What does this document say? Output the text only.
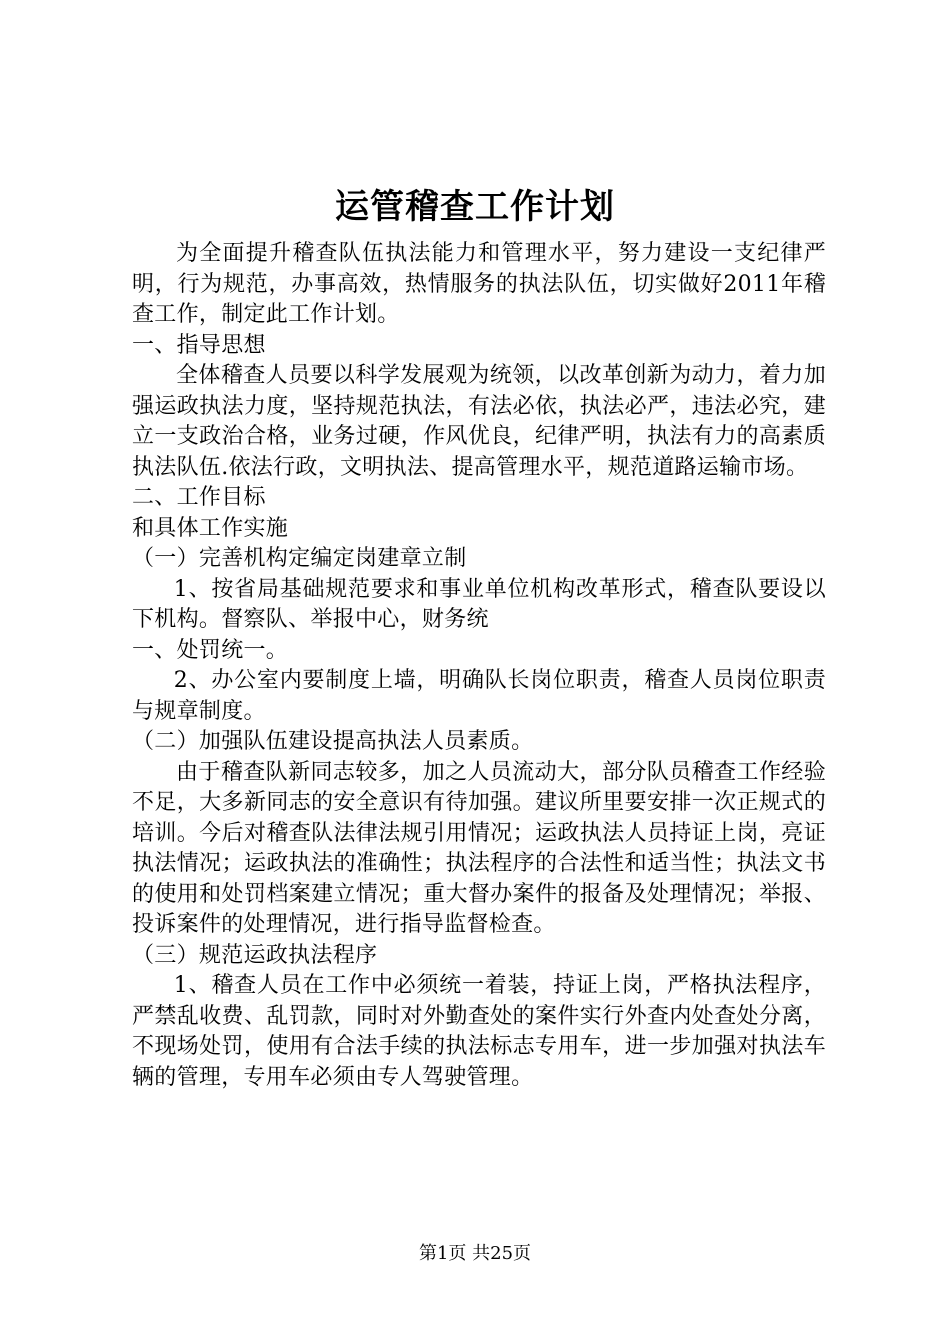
运管稽查工作计划

为全面提升稽查队伍执法能力和管理水平，努力建设一支纪律严明，行为规范，办事高效，热情服务的执法队伍，切实做好2011年稽查工作，制定此工作计划。

一、指导思想

全体稽查人员要以科学发展观为统领，以改革创新为动力，着力加强运政执法力度，坚持规范执法，有法必依，执法必严，违法必究，建立一支政治合格，业务过硬，作风优良，纪律严明，执法有力的高素质执法队伍.依法行政，文明执法、提高管理水平，规范道路运输市场。

二、工作目标

和具体工作实施

（一）完善机构定编定岗建章立制

1、按省局基础规范要求和事业单位机构改革形式，稽查队要设以下机构。督察队、举报中心，财务统

一、处罚统一。

2、办公室内要制度上墙，明确队长岗位职责，稽查人员岗位职责与规章制度。

（二）加强队伍建设提高执法人员素质。

由于稽查队新同志较多，加之人员流动大，部分队员稽查工作经验不足，大多新同志的安全意识有待加强。建议所里要安排一次正规式的培训。今后对稽查队法律法规引用情况；运政执法人员持证上岗，亮证执法情况；运政执法的准确性；执法程序的合法性和适当性；执法文书的使用和处罚档案建立情况；重大督办案件的报备及处理情况；举报、投诉案件的处理情况，进行指导监督检查。

（三）规范运政执法程序

1、稽查人员在工作中必须统一着装，持证上岗，严格执法程序，严禁乱收费、乱罚款，同时对外勤查处的案件实行外查内处查处分离，不现场处罚，使用有合法手续的执法标志专用车，进一步加强对执法车辆的管理，专用车必须由专人驾驶管理。

第1页 共25页
